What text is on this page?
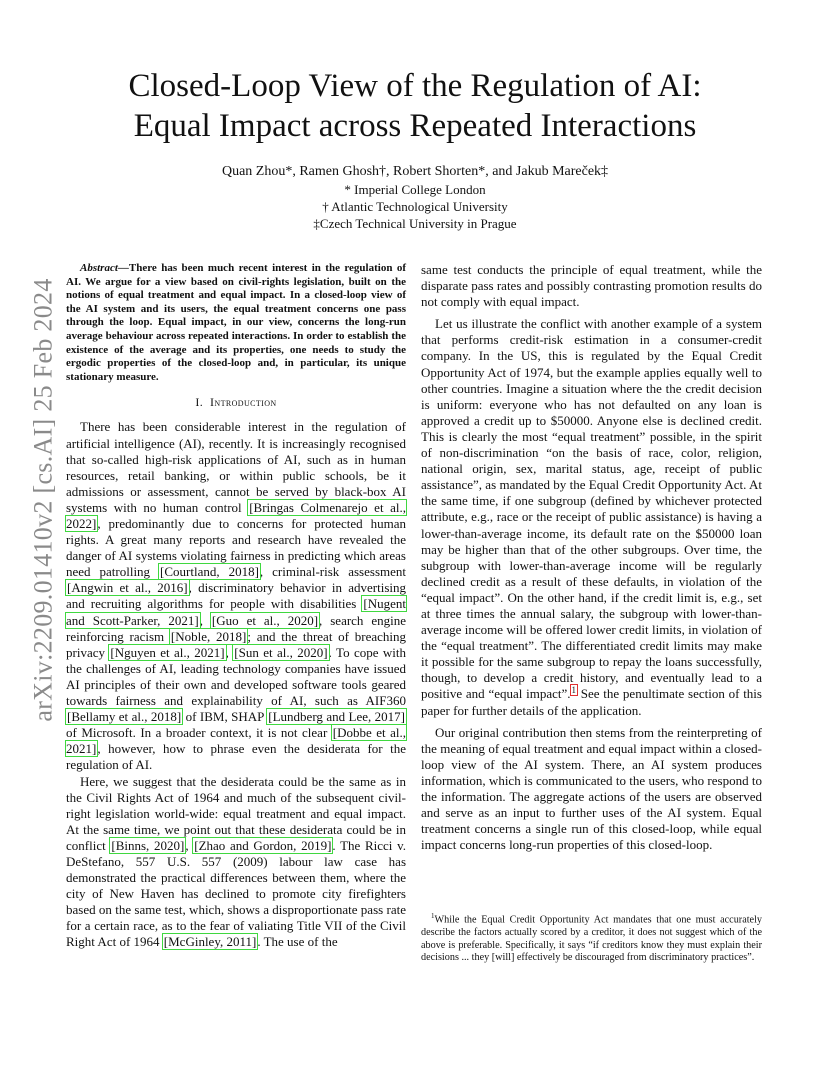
arXiv:2209.01410v2 [cs.AI] 25 Feb 2024
Closed-Loop View of the Regulation of AI:
Equal Impact across Repeated Interactions
Quan Zhou*, Ramen Ghosh†, Robert Shorten*, and Jakub Mareček‡
* Imperial College London
† Atlantic Technological University
‡Czech Technical University in Prague

Abstract—There has been much recent interest in the regulation of AI. We argue for a view based on civil-rights legislation, built on the notions of equal treatment and equal impact. In a closed-loop view of the AI system and its users, the equal treatment concerns one pass through the loop. Equal impact, in our view, concerns the long-run average behaviour across repeated interactions. In order to establish the existence of the average and its properties, one needs to study the ergodic properties of the closed-loop and, in particular, its unique stationary measure.

I. Introduction

There has been considerable interest in the regulation of artificial intelligence (AI), recently. It is increasingly recognised that so-called high-risk applications of AI, such as in human resources, retail banking, or within public schools, be it admissions or assessment, cannot be served by black-box AI systems with no human control [Bringas Colmenarejo et al., 2022], predominantly due to concerns for protected human rights. A great many reports and research have revealed the danger of AI systems violating fairness in predicting which areas need patrolling [Courtland, 2018], criminal-risk assessment [Angwin et al., 2016], discriminatory behavior in advertising and recruiting algorithms for people with disabilities [Nugent and Scott-Parker, 2021], [Guo et al., 2020], search engine reinforcing racism [Noble, 2018]; and the threat of breaching privacy [Nguyen et al., 2021], [Sun et al., 2020]. To cope with the challenges of AI, leading technology companies have issued AI principles of their own and developed software tools geared towards fairness and explainability of AI, such as AIF360 [Bellamy et al., 2018] of IBM, SHAP [Lundberg and Lee, 2017] of Microsoft. In a broader context, it is not clear [Dobbe et al., 2021], however, how to phrase even the desiderata for the regulation of AI.

Here, we suggest that the desiderata could be the same as in the Civil Rights Act of 1964 and much of the subsequent civil-right legislation world-wide: equal treatment and equal impact. At the same time, we point out that these desiderata could be in conflict [Binns, 2020], [Zhao and Gordon, 2019]. The Ricci v. DeStefano, 557 U.S. 557 (2009) labour law case has demonstrated the practical differences between them, where the city of New Haven has declined to promote city firefighters based on the same test, which, shows a disproportionate pass rate for a certain race, as to the fear of valiating Title VII of the Civil Right Act of 1964 [McGinley, 2011]. The use of the

same test conducts the principle of equal treatment, while the disparate pass rates and possibly contrasting promotion results do not comply with equal impact.

Let us illustrate the conflict with another example of a system that performs credit-risk estimation in a consumer-credit company. In the US, this is regulated by the Equal Credit Opportunity Act of 1974, but the example applies equally well to other countries. Imagine a situation where the the credit decision is uniform: everyone who has not defaulted on any loan is approved a credit up to $50000. Anyone else is declined credit. This is clearly the most “equal treatment” possible, in the spirit of non-discrimination “on the basis of race, color, religion, national origin, sex, marital status, age, receipt of public assistance”, as mandated by the Equal Credit Opportunity Act. At the same time, if one subgroup (defined by whichever protected attribute, e.g., race or the receipt of public assistance) is having a lower-than-average income, its default rate on the $50000 loan may be higher than that of the other subgroups. Over time, the subgroup with lower-than-average income will be regularly declined credit as a result of these defaults, in violation of the “equal impact”. On the other hand, if the credit limit is, e.g., set at three times the annual salary, the subgroup with lower-than-average income will be offered lower credit limits, in violation of the “equal treatment”. The differentiated credit limits may make it possible for the same subgroup to repay the loans successfully, though, to develop a credit history, and eventually lead to a positive and “equal impact”.$^1$ See the penultimate section of this paper for further details of the application.

Our original contribution then stems from the reinterpreting of the meaning of equal treatment and equal impact within a closed-loop view of the AI system. There, an AI system produces information, which is communicated to the users, who respond to the information. The aggregate actions of the users are observed and serve as an input to further uses of the AI system. Equal treatment concerns a single run of this closed-loop, while equal impact concerns long-run properties of this closed-loop.

$^1$While the Equal Credit Opportunity Act mandates that one must accurately describe the factors actually scored by a creditor, it does not suggest which of the above is preferable. Specifically, it says “if creditors know they must explain their decisions ... they [will] effectively be discouraged from discriminatory practices”.
